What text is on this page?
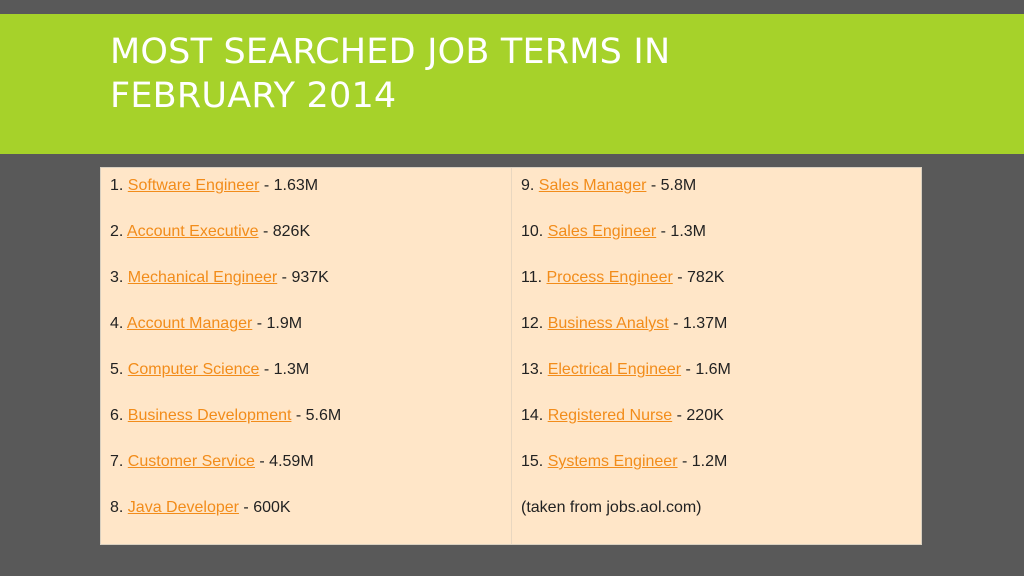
MOST SEARCHED JOB TERMS IN
FEBRUARY 2014
1. Software Engineer - 1.63M
2. Account Executive - 826K
3. Mechanical Engineer - 937K
4. Account Manager - 1.9M
5. Computer Science - 1.3M
6. Business Development - 5.6M
7. Customer Service - 4.59M
8. Java Developer - 600K
9. Sales Manager - 5.8M
10. Sales Engineer - 1.3M
11. Process Engineer - 782K
12. Business Analyst - 1.37M
13. Electrical Engineer - 1.6M
14. Registered Nurse - 220K
15. Systems Engineer - 1.2M
(taken from jobs.aol.com)
